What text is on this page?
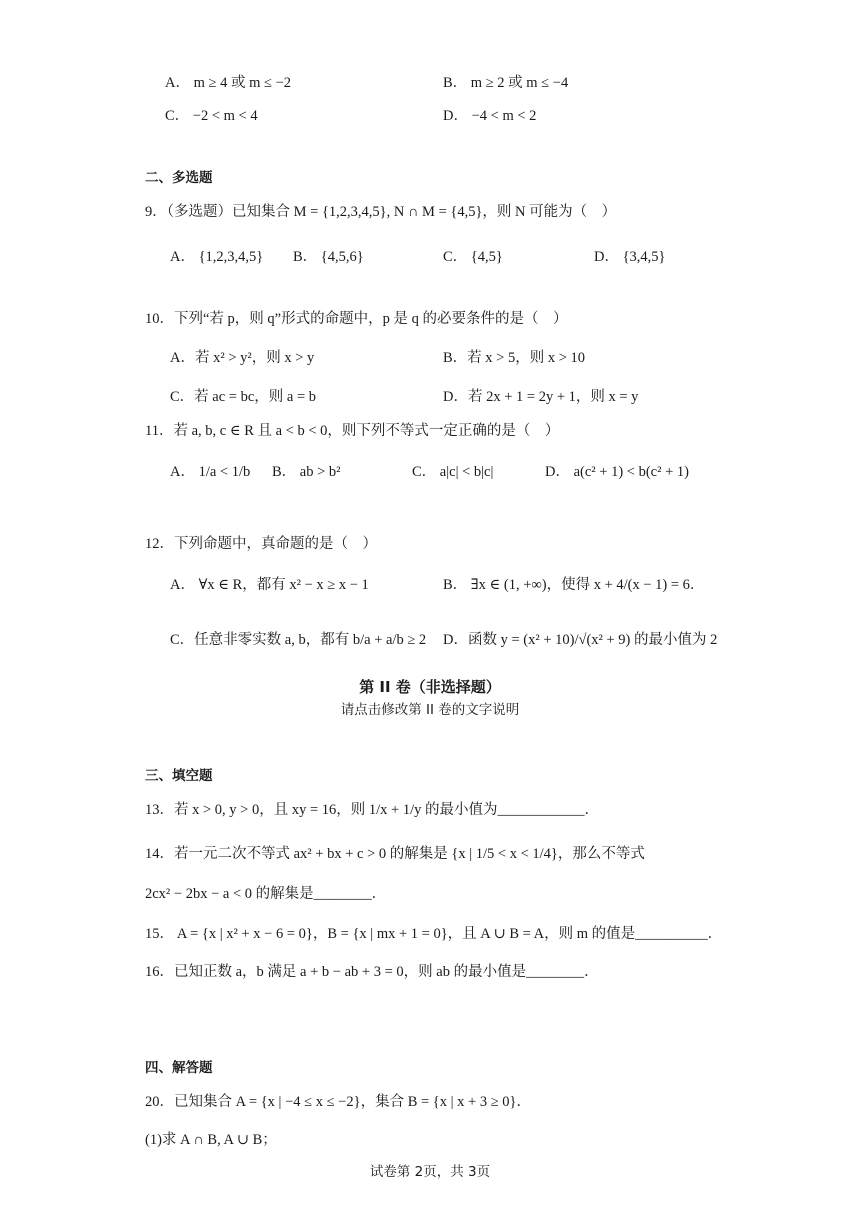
A． m ≥ 4 或 m ≤ −2	B． m ≥ 2 或 m ≤ −4
C． −2 < m < 4	D． −4 < m < 2
二、多选题
9．（多选题）已知集合 M = {1,2,3,4,5}, N ∩ M = {4,5}，则 N 可能为（　）
A． {1,2,3,4,5} B． {4,5,6}	C． {4,5}	D． {3,4,5}
10．下列“若 p，则 q”形式的命题中，p 是 q 的必要条件的是（　）
A．若 x² > y²，则 x > y	B．若 x > 5，则 x > 10
C．若 ac = bc，则 a = b	D．若 2x + 1 = 2y + 1，则 x = y
11．若 a, b, c ∈ R 且 a < b < 0，则下列不等式一定正确的是（　）
A． 1/a < 1/b B． ab > b²	C． a|c| < b|c|	D． a(c² + 1) < b(c² + 1)
12．下列命题中，真命题的是（　）
A． ∀x ∈ R，都有 x² − x ≥ x − 1	B． ∃x ∈ (1, +∞)，使得 x + 4/(x − 1) = 6．
C．任意非零实数 a, b，都有 b/a + a/b ≥ 2 D．函数 y = (x² + 10)/√(x² + 9) 的最小值为 2
第 II 卷（非选择题）
请点击修改第 II 卷的文字说明
三、填空题
13．若 x > 0, y > 0，且 xy = 16，则 1/x + 1/y 的最小值为____________．
14．若一元二次不等式 ax² + bx + c > 0 的解集是 {x | 1/5 < x < 1/4}，那么不等式
2cx² − 2bx − a < 0 的解集是________．
15． A = {x | x² + x − 6 = 0}，B = {x | mx + 1 = 0}，且 A ∪ B = A，则 m 的值是__________．
16．已知正数 a，b 满足 a + b − ab + 3 = 0，则 ab 的最小值是________．
四、解答题
20．已知集合 A = {x | −4 ≤ x ≤ −2}，集合 B = {x | x + 3 ≥ 0}．
(1)求 A ∩ B, A ∪ B；
试卷第 2页，共 3页
